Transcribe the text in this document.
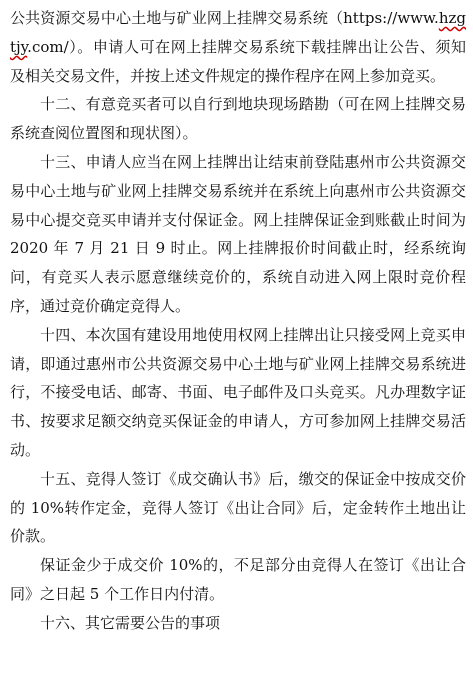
公共资源交易中心土地与矿业网上挂牌交易系统（https://www.hzgtjy.com/）。申请人可在网上挂牌交易系统下载挂牌出让公告、须知及相关交易文件，并按上述文件规定的操作程序在网上参加竞买。

十二、有意竞买者可以自行到地块现场踏勘（可在网上挂牌交易系统查阅位置图和现状图）。

十三、申请人应当在网上挂牌出让结束前登陆惠州市公共资源交易中心土地与矿业网上挂牌交易系统并在系统上向惠州市公共资源交易中心提交竞买申请并支付保证金。网上挂牌保证金到账截止时间为 2020 年 7 月 21 日 9 时止。网上挂牌报价时间截止时，经系统询问，有竞买人表示愿意继续竞价的，系统自动进入网上限时竞价程序，通过竞价确定竞得人。

十四、本次国有建设用地使用权网上挂牌出让只接受网上竞买申请，即通过惠州市公共资源交易中心土地与矿业网上挂牌交易系统进行，不接受电话、邮寄、书面、电子邮件及口头竞买。凡办理数字证书、按要求足额交纳竞买保证金的申请人，方可参加网上挂牌交易活动。

十五、竞得人签订《成交确认书》后，缴交的保证金中按成交价的 10%转作定金，竞得人签订《出让合同》后，定金转作土地出让价款。

保证金少于成交价 10%的，不足部分由竞得人在签订《出让合同》之日起 5 个工作日内付清。

十六、其它需要公告的事项
